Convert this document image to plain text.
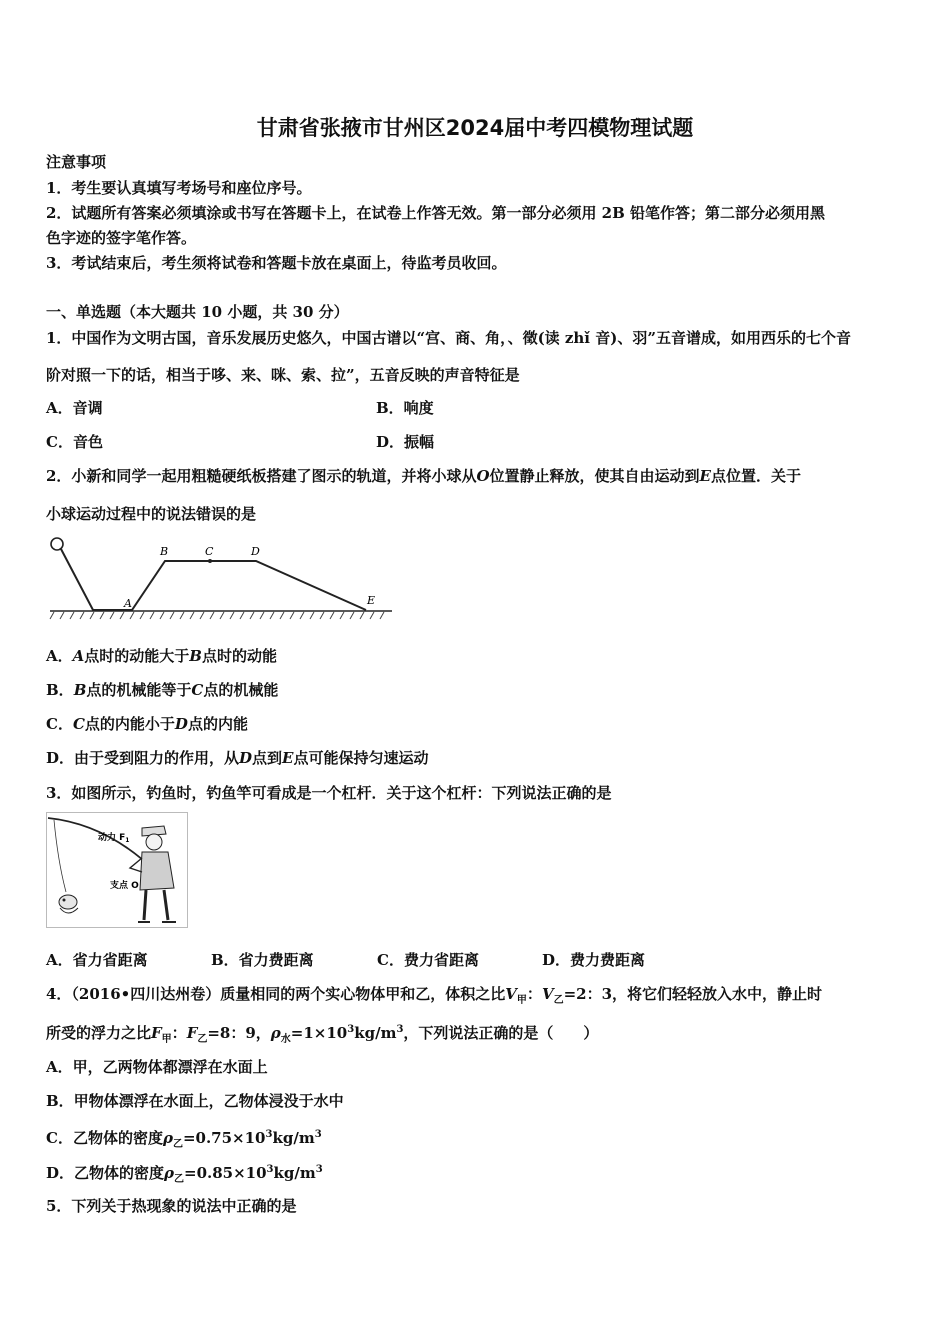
甘肃省张掖市甘州区2024届中考四模物理试题
注意事项
1．考生要认真填写考场号和座位序号。
2．试题所有答案必须填涂或书写在答题卡上，在试卷上作答无效。第一部分必须用 2B 铅笔作答；第二部分必须用黑
色字迹的签字笔作答。
3．考试结束后，考生须将试卷和答题卡放在桌面上，待监考员收回。
一、单选题（本大题共 10 小题，共 30 分）
1．中国作为文明古国，音乐发展历史悠久，中国古谱以“宫、商、角，、徵(读 zhǐ 音)、羽”五音谱成，如用西乐的七个音
阶对照一下的话，相当于哆、来、咪、索、拉”，五音反映的声音特征是
A．音调	B．响度
C．音色	D．振幅
2．小新和同学一起用粗糙硬纸板搭建了图示的轨道，并将小球从O位置静止释放，使其自由运动到E点位置．关于
小球运动过程中的说法错误的是
A
B	C	D
E
A．A点时的动能大于B点时的动能
B．B点的机械能等于C点的机械能
C．C点的内能小于D点的内能
D．由于受到阻力的作用，从D点到E点可能保持匀速运动
3．如图所示，钓鱼时，钓鱼竿可看成是一个杠杆．关于这个杠杆：下列说法正确的是
动力 $F_1$
支点 O
A．省力省距离	B．省力费距离	C．费力省距离	D．费力费距离
4．（2016•四川达州卷）质量相同的两个实心物体甲和乙，体积之比$V_甲$：$V_乙=2$：3，将它们轻轻放入水中，静止时
所受的浮力之比$F_甲$：$F_乙=8$：9，$\rho_水=1\times 10^3kg/m^3$，下列说法正确的是（　　）
A．甲，乙两物体都漂浮在水面上
B．甲物体漂浮在水面上，乙物体浸没于水中
C．乙物体的密度$\rho_乙=0.75\times 10^3kg/m^3$
D．乙物体的密度$\rho_乙=0.85\times 10^3kg/m^3$
5．下列关于热现象的说法中正确的是
